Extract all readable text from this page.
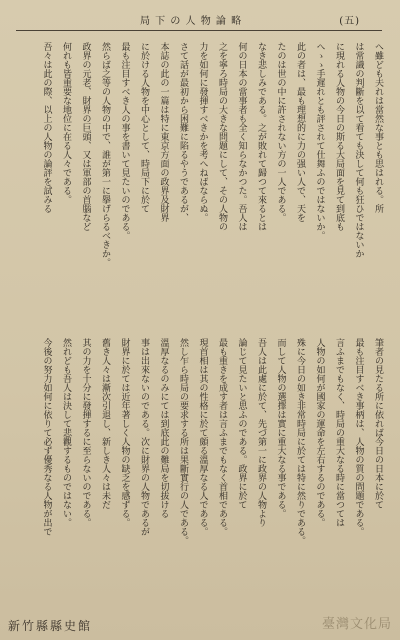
局 下 の 人 物 論 略	(五)
へ雖ども夫れは當然な事とも思はれる。所
は常識の判斷を以て看ても決して何も狂ひではないか
に現れる人物の今日の斯る大局面を見て到底も
へゝゝ手遲れとも評されて仕舞ふのではないか。
此の者は、最も理想的に力の强い人で、天を
たのは世の中に許されない方の一人である。
なき悲しみである。之が敗れて歸つて來るとは
何の日本の當事者も全く知らなかつた。吾人は
之を寧ろ時局の大きな問題にして、その人物の
力を如何に發揮すべきかを考へねばならぬ。
さて話が最初から困難に陷るやうであるが、
本誌の此の一篇は特に東京方面の政界及財界
に於ける人物を中心として、時局下に於て
最も注目すべき人の事を書いて見たいのである。
然らば之等の人物の中で、誰が第一に擧げらるべきか。
政界の元老、財界の巨頭、又は軍部の首腦など
何れも皆重要な地位に在る人々である。
吾々は此の際、以上の人物の論評を試みる
筆者の見たる所に依れば今日の日本に於て
最も注目すべき事柄は、人物の質の問題である。
言ふまでもなく、時局の重大なる時に當つては
人物の如何が國家の運命を左右するのである。
殊に今日の如き非常時局に於ては特に然りである。
而して人物の選擇は實に重大なる事である。
吾人は此處に於て、先づ第一に政界の人物より
論じて見たいと思ふのである。政界に於て
最も重きを成す者は言ふまでもなく首相である。
現首相は其の性格に於て頗る溫厚なる人である。
然し乍ら時局の要求する所は果斷實行の人である。
溫厚なるのみにては到底此の難局を切拔ける
事は出來ないのである。次に財界の人物であるが
財界に於ては近年著しく人物の缺乏を感ずる。
舊き人々は漸次引退し、新しき人々は未だ
其の力を十分に發揮するに至らないのである。
然れども吾人は決して悲觀するものではない。
今後の努力如何に依りて必ず優秀なる人物が出で
臺灣文化局
新竹縣縣史館
